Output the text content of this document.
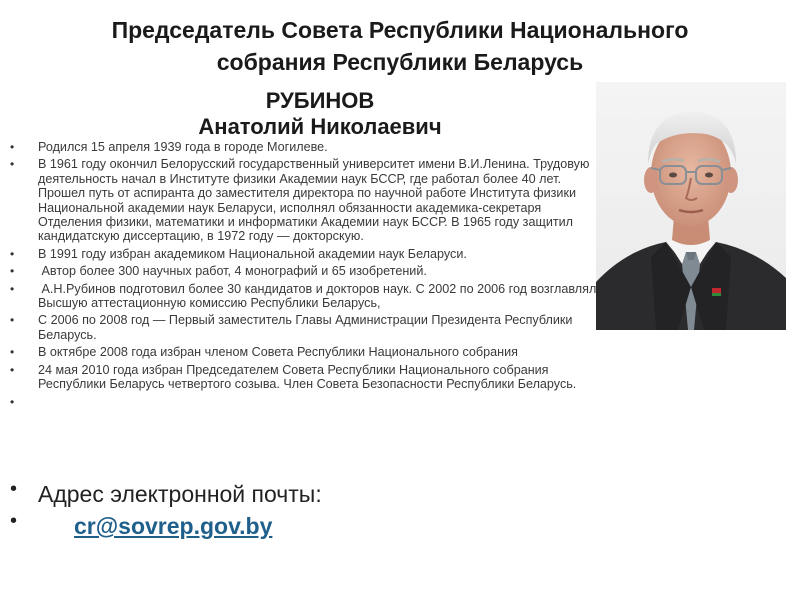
Председатель Совета Республики Национального
собрания Республики Беларусь
РУБИНОВ
Анатолий Николаевич
• Родился 15 апреля 1939 года в городе Могилеве.
• В 1961 году окончил Белорусский государственный университет имени В.И.Ленина. Трудовую деятельность начал в Институте физики Академии наук БССР, где работал более 40 лет. Прошел путь от аспиранта до заместителя директора по научной работе Института физики Национальной академии наук Беларуси, исполнял обязанности академика-секретаря Отделения физики, математики и информатики Академии наук БССР. В 1965 году защитил кандидатскую диссертацию, в 1972 году — докторскую.
• В 1991 году избран академиком Национальной академии наук Беларуси.
• Автор более 300 научных работ, 4 монографий и 65 изобретений.
• А.Н.Рубинов подготовил более 30 кандидатов и докторов наук. С 2002 по 2006 год возглавлял Высшую аттестационную комиссию Республики Беларусь,
• С 2006 по 2008 год — Первый заместитель Главы Администрации Президента Республики Беларусь.
• В октябре 2008 года избран членом Совета Республики Национального собрания
• 24 мая 2010 года избран Председателем Совета Республики Национального собрания Республики Беларусь четвертого созыва. Член Совета Безопасности Республики Беларусь.
•
• Адрес электронной почты:
• cr@sovrep.gov.by
